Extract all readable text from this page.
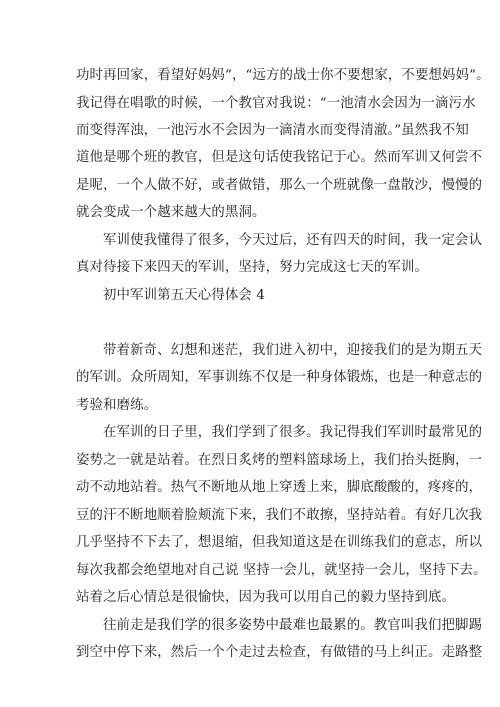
功时再回家，看望好妈妈”，“远方的战士你不要想家，不要想妈妈”。
我记得在唱歌的时候，一个教官对我说：“一池清水会因为一滴污水
而变得浑浊，一池污水不会因为一滴清水而变得清澈。”虽然我不知
道他是哪个班的教官，但是这句话使我铭记于心。然而军训又何尝不
是呢，一个人做不好，或者做错，那么一个班就像一盘散沙，慢慢的
就会变成一个越来越大的黑洞。
军训使我懂得了很多，今天过后，还有四天的时间，我一定会认
真对待接下来四天的军训，坚持，努力完成这七天的军训。
初中军训第五天心得体会 4
带着新奇、幻想和迷茫，我们进入初中，迎接我们的是为期五天
的军训。众所周知，军事训练不仅是一种身体锻炼，也是一种意志的
考验和磨练。
在军训的日子里，我们学到了很多。我记得我们军训时最常见的
姿势之一就是站着。在烈日炙烤的塑料篮球场上，我们抬头挺胸，一
动不动地站着。热气不断地从地上穿透上来，脚底酸酸的，疼疼的，
豆的汗不断地顺着脸颊流下来，我们不敢擦，坚持站着。有好几次我
几乎坚持不下去了，想退缩，但我知道这是在训练我们的意志，所以
每次我都会绝望地对自己说 坚持一会儿，就坚持一会儿，坚持下去。
站着之后心情总是很愉快，因为我可以用自己的毅力坚持到底。
往前走是我们学的很多姿势中最难也最累的。教官叫我们把脚踢
到空中停下来，然后一个个走过去检查，有做错的马上纠正。走路整
